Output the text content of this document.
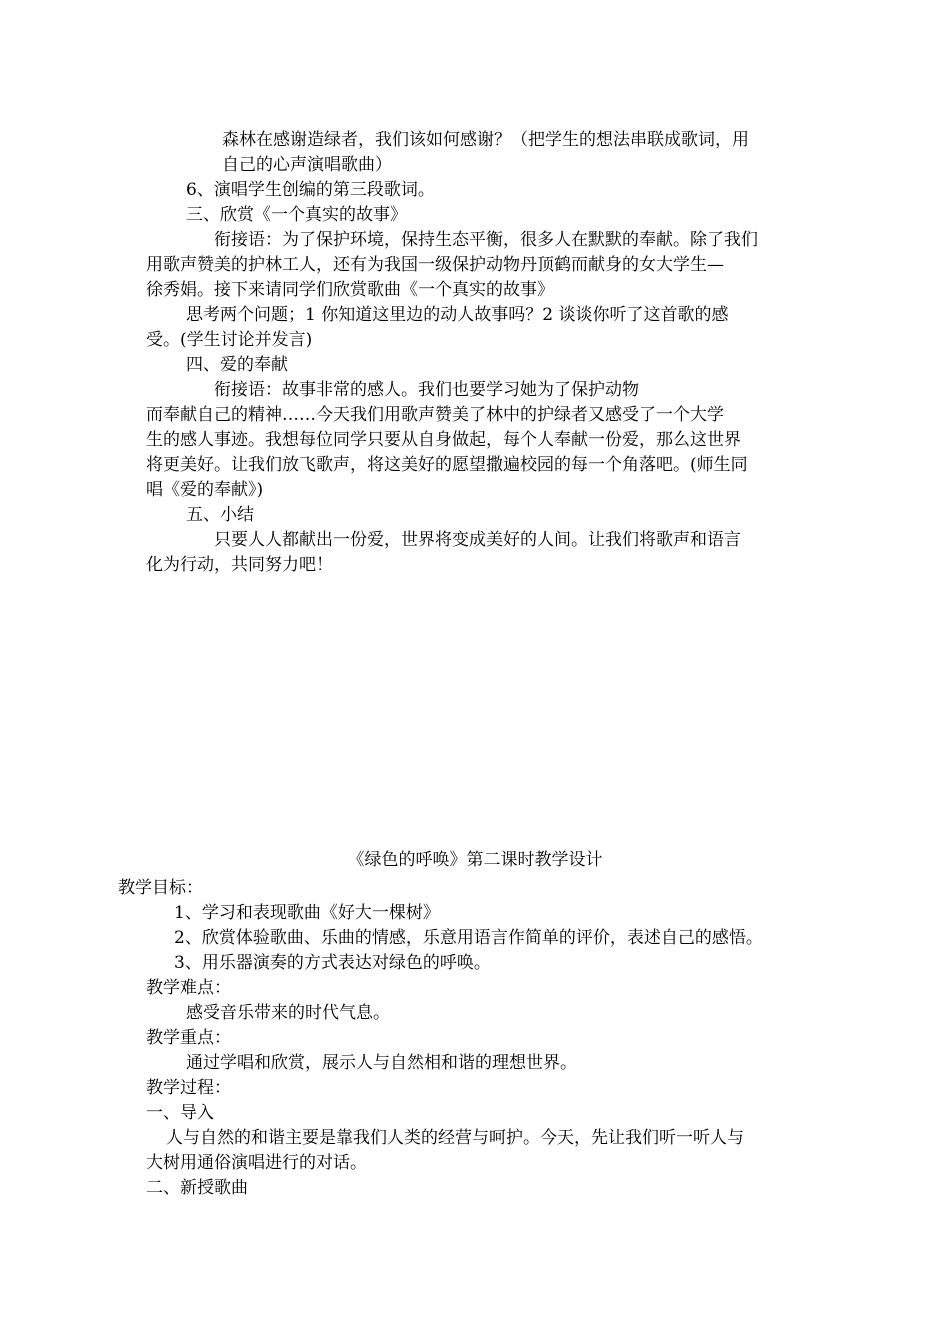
森林在感谢造绿者，我们该如何感谢？（把学生的想法串联成歌词，用
自己的心声演唱歌曲）
6、演唱学生创编的第三段歌词。
三、欣赏《一个真实的故事》
衔接语：为了保护环境，保持生态平衡，很多人在默默的奉献。除了我们
用歌声赞美的护林工人，还有为我国一级保护动物丹顶鹤而献身的女大学生—
徐秀娟。接下来请同学们欣赏歌曲《一个真实的故事》
思考两个问题；1 你知道这里边的动人故事吗？2 谈谈你听了这首歌的感
受。(学生讨论并发言)
四、爱的奉献
衔接语：故事非常的感人。我们也要学习她为了保护动物
而奉献自己的精神……今天我们用歌声赞美了林中的护绿者又感受了一个大学
生的感人事迹。我想每位同学只要从自身做起，每个人奉献一份爱，那么这世界
将更美好。让我们放飞歌声，将这美好的愿望撒遍校园的每一个角落吧。(师生同
唱《爱的奉献》)
五、小结
只要人人都献出一份爱，世界将变成美好的人间。让我们将歌声和语言
化为行动，共同努力吧！
《绿色的呼唤》第二课时教学设计
教学目标：
1、学习和表现歌曲《好大一棵树》
2、欣赏体验歌曲、乐曲的情感，乐意用语言作简单的评价，表述自己的感悟。
3、用乐器演奏的方式表达对绿色的呼唤。
教学难点：
感受音乐带来的时代气息。
教学重点：
通过学唱和欣赏，展示人与自然相和谐的理想世界。
教学过程：
一、导入
人与自然的和谐主要是靠我们人类的经营与呵护。今天，先让我们听一听人与
大树用通俗演唱进行的对话。
二、新授歌曲
